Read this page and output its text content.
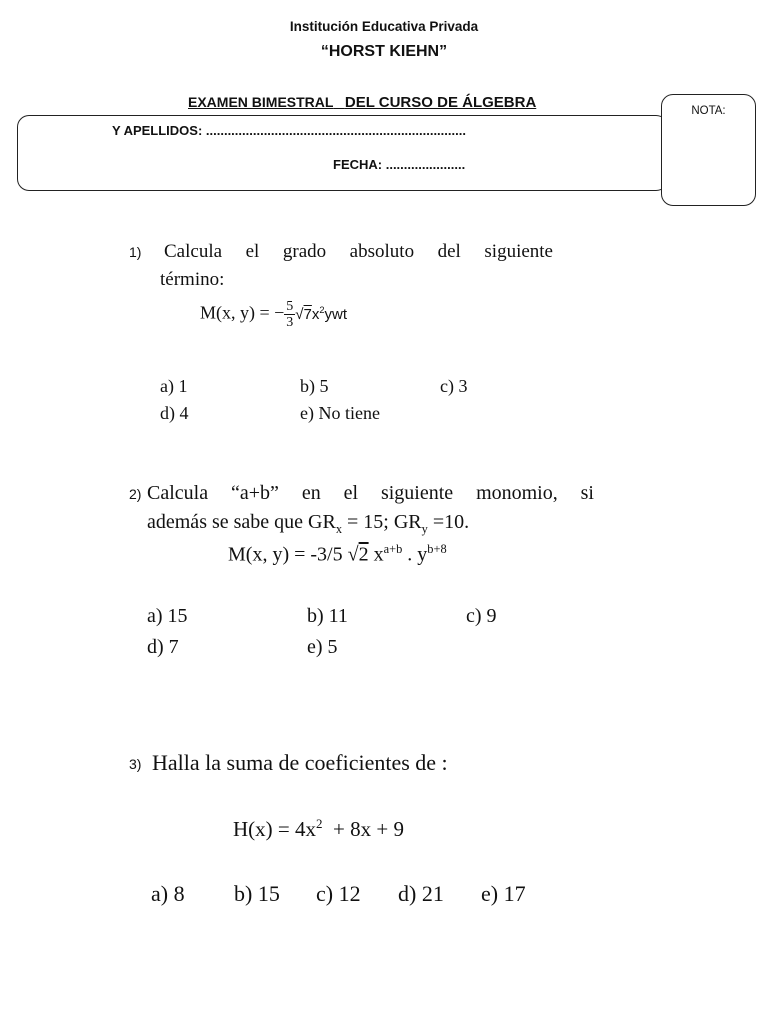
Institución Educativa Privada
“HORST KIEHN”
EXAMEN BIMESTRAL DEL CURSO DE ÁLGEBRA
Y APELLIDOS: ........................................................................
FECHA: ......................
NOTA:
1) Calcula el grado absoluto del siguiente
término:
M(x, y) = − $\frac{5}{3} √7x^2ywt$
a) 1	b) 5	c) 3
d) 4	e) No tiene
2) Calcula “a+b” en el siguiente monomio, si
además se sabe que $GR_x = 15$; $GR_y =10$.
M(x, y) = -3/5 √2 $x^{a+b}$ . $y^{b+8}$
a) 15	b) 11	c) 9
d) 7	e) 5
3) Halla la suma de coeficientes de :
$H(x) = 4x^2 + 8x + 9$
a) 8 b) 15 c) 12 d) 21 e) 17
